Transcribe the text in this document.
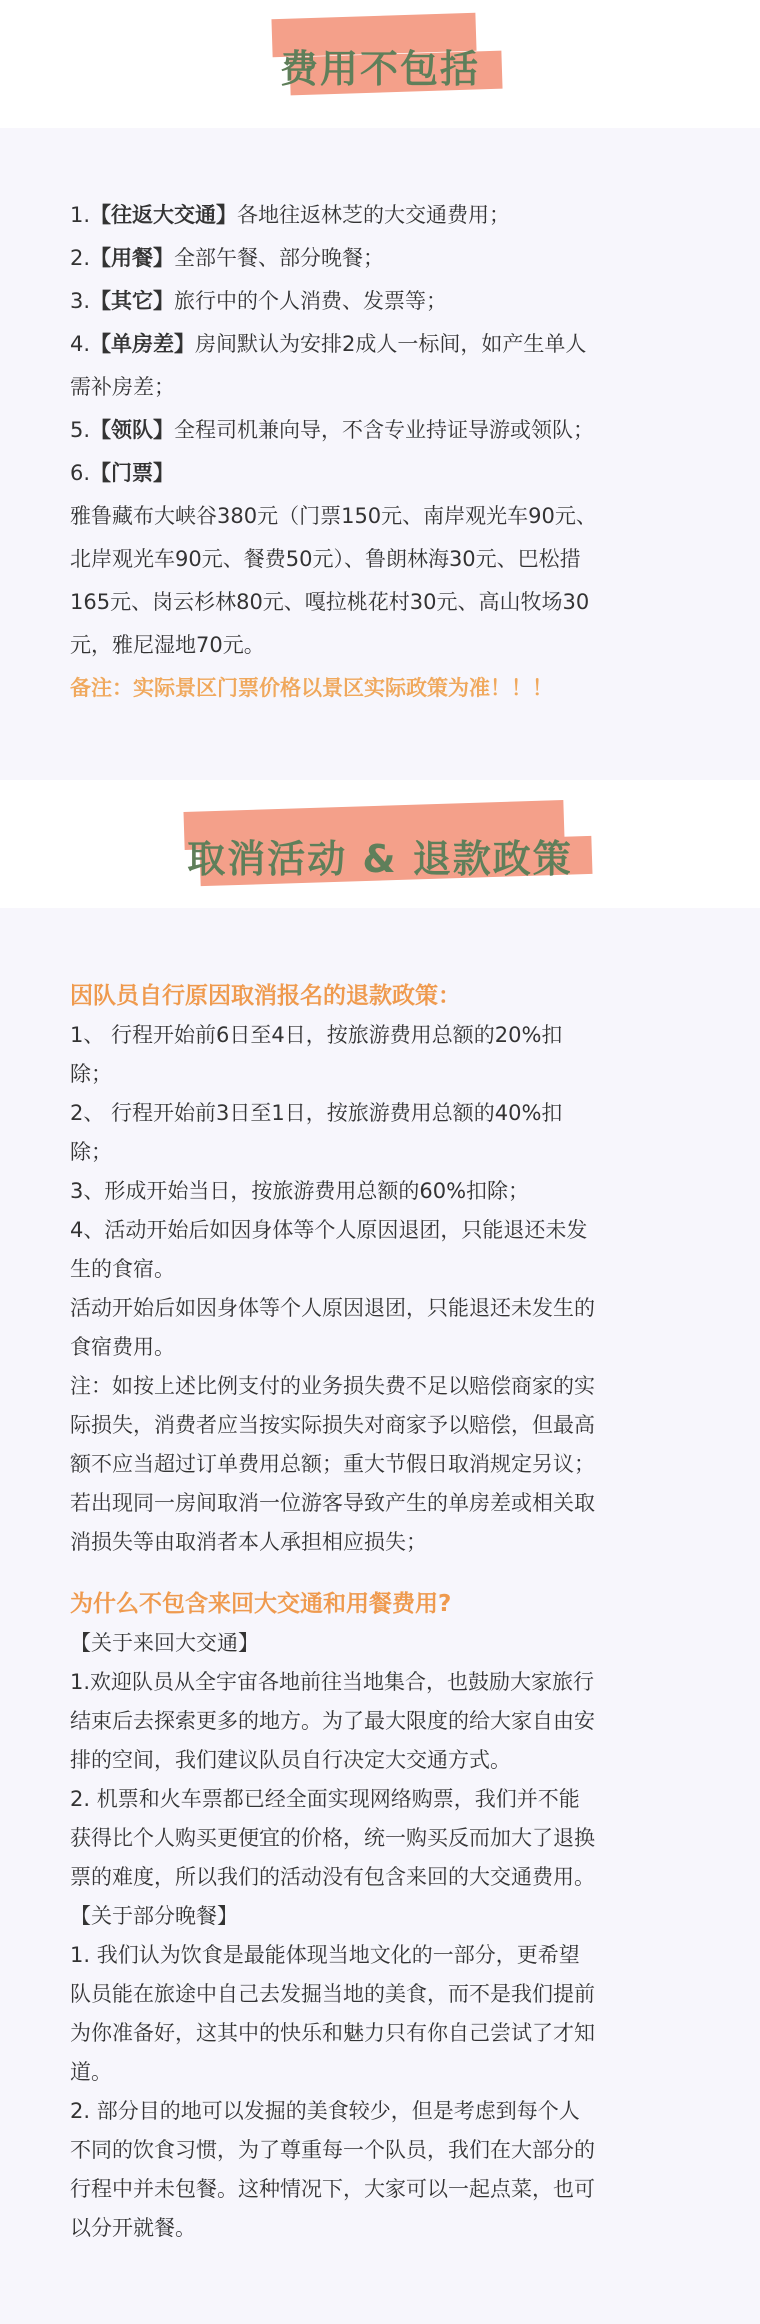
费用不包括
1.【往返大交通】各地往返林芝的大交通费用；
2.【用餐】全部午餐、部分晚餐；
3.【其它】旅行中的个人消费、发票等；
4.【单房差】房间默认为安排2成人一标间，如产生单人
需补房差；
5.【领队】全程司机兼向导，不含专业持证导游或领队；
6.【门票】
雅鲁藏布大峡谷380元（门票150元、南岸观光车90元、
北岸观光车90元、餐费50元）、鲁朗林海30元、巴松措
165元、岗云杉林80元、嘎拉桃花村30元、高山牧场30
元，雅尼湿地70元。
备注：实际景区门票价格以景区实际政策为准！！！
取消活动 & 退款政策
因队员自行原因取消报名的退款政策：
1、 行程开始前6日至4日，按旅游费用总额的20%扣
除；
2、 行程开始前3日至1日，按旅游费用总额的40%扣
除；
3、形成开始当日，按旅游费用总额的60%扣除；
4、活动开始后如因身体等个人原因退团，只能退还未发
生的食宿。
活动开始后如因身体等个人原因退团，只能退还未发生的
食宿费用。
注：如按上述比例支付的业务损失费不足以赔偿商家的实
际损失，消费者应当按实际损失对商家予以赔偿，但最高
额不应当超过订单费用总额；重大节假日取消规定另议；
若出现同一房间取消一位游客导致产生的单房差或相关取
消损失等由取消者本人承担相应损失；
为什么不包含来回大交通和用餐费用?
【关于来回大交通】
1.欢迎队员从全宇宙各地前往当地集合，也鼓励大家旅行
结束后去探索更多的地方。为了最大限度的给大家自由安
排的空间，我们建议队员自行决定大交通方式。
2. 机票和火车票都已经全面实现网络购票，我们并不能
获得比个人购买更便宜的价格，统一购买反而加大了退换
票的难度，所以我们的活动没有包含来回的大交通费用。
【关于部分晚餐】
1. 我们认为饮食是最能体现当地文化的一部分，更希望
队员能在旅途中自己去发掘当地的美食，而不是我们提前
为你准备好，这其中的快乐和魅力只有你自己尝试了才知
道。
2. 部分目的地可以发掘的美食较少，但是考虑到每个人
不同的饮食习惯，为了尊重每一个队员，我们在大部分的
行程中并未包餐。这种情况下，大家可以一起点菜，也可
以分开就餐。
